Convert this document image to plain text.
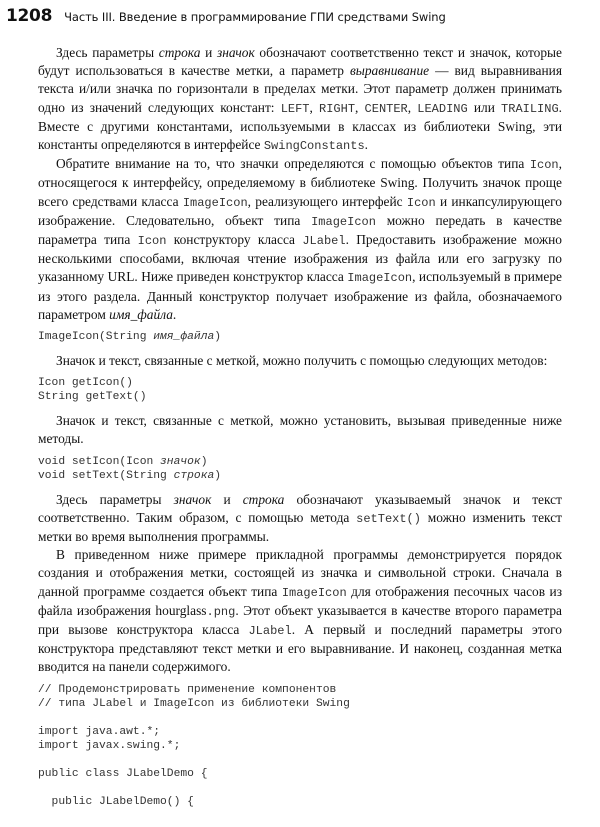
1208 Часть III. Введение в программирование ГПИ средствами Swing

Здесь параметры строка и значок обозначают соответственно текст и значок, которые будут использоваться в качестве метки, а параметр выравнивание — вид выравнивания текста и/или значка по горизонтали в пределах метки. Этот параметр должен принимать одно из значений следующих констант: LEFT, RIGHT, CENTER, LEADING или TRAILING. Вместе с другими константами, используемыми в классах из библиотеки Swing, эти константы определяются в интерфейсе SwingConstants.

Обратите внимание на то, что значки определяются с помощью объектов типа Icon, относящегося к интерфейсу, определяемому в библиотеке Swing. Получить значок проще всего средствами класса ImageIcon, реализующего интерфейс Icon и инкапсулирующего изображение. Следовательно, объект типа ImageIcon можно передать в качестве параметра типа Icon конструктору класса JLabel. Предоставить изображение можно несколькими способами, включая чтение изображения из файла или его загрузку по указанному URL. Ниже приведен конструктор класса ImageIcon, используемый в примере из этого раздела. Данный конструктор получает изображение из файла, обозначаемого параметром имя_файла.

ImageIcon(String имя_файла)

Значок и текст, связанные с меткой, можно получить с помощью следующих методов:

Icon getIcon()
String getText()

Значок и текст, связанные с меткой, можно установить, вызывая приведенные ниже методы.

void setIcon(Icon значок)
void setText(String строка)

Здесь параметры значок и строка обозначают указываемый значок и текст соответственно. Таким образом, с помощью метода setText() можно изменить текст метки во время выполнения программы.

В приведенном ниже примере прикладной программы демонстрируется порядок создания и отображения метки, состоящей из значка и символьной строки. Сначала в данной программе создается объект типа ImageIcon для отображения песочных часов из файла изображения hourglass.png. Этот объект указывается в качестве второго параметра при вызове конструктора класса JLabel. А первый и последний параметры этого конструктора представляют текст метки и его выравнивание. И наконец, созданная метка вводится на панели содержимого.

// Продемонстрировать применение компонентов
// типа JLabel и ImageIcon из библиотеки Swing

import java.awt.*;
import javax.swing.*;

public class JLabelDemo {

public JLabelDemo() {
